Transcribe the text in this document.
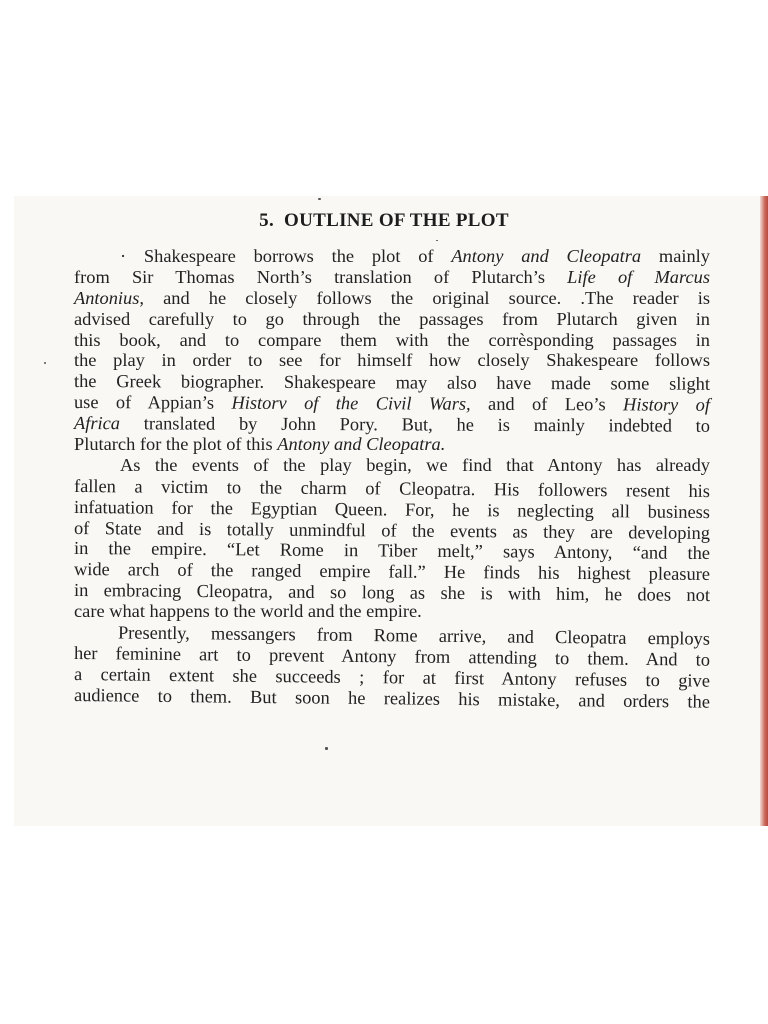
5. OUTLINE OF THE PLOT
· Shakespeare borrows the plot of Antony and Cleopatra mainly
from Sir Thomas North’s translation of Plutarch’s Life of Marcus
Antonius, and he closely follows the original source. .The reader is
advised carefully to go through the passages from Plutarch given in
this book, and to compare them with the corrèsponding passages in
the play in order to see for himself how closely Shakespeare follows
the Greek biographer. Shakespeare may also have made some slight
use of Appian’s Historv of the Civil Wars, and of Leo’s History of
Africa translated by John Pory. But, he is mainly indebted to
Plutarch for the plot of this Antony and Cleopatra.
As the events of the play begin, we find that Antony has already
fallen a victim to the charm of Cleopatra. His followers resent his
infatuation for the Egyptian Queen. For, he is neglecting all business
of State and is totally unmindful of the events as they are developing
in the empire. “Let Rome in Tiber melt,” says Antony, “and the
wide arch of the ranged empire fall.” He finds his highest pleasure
in embracing Cleopatra, and so long as she is with him, he does not
care what happens to the world and the empire.
Presently, messangers from Rome arrive, and Cleopatra employs
her feminine art to prevent Antony from attending to them. And to
a certain extent she succeeds ; for at first Antony refuses to give
audience to them. But soon he realizes his mistake, and orders the
